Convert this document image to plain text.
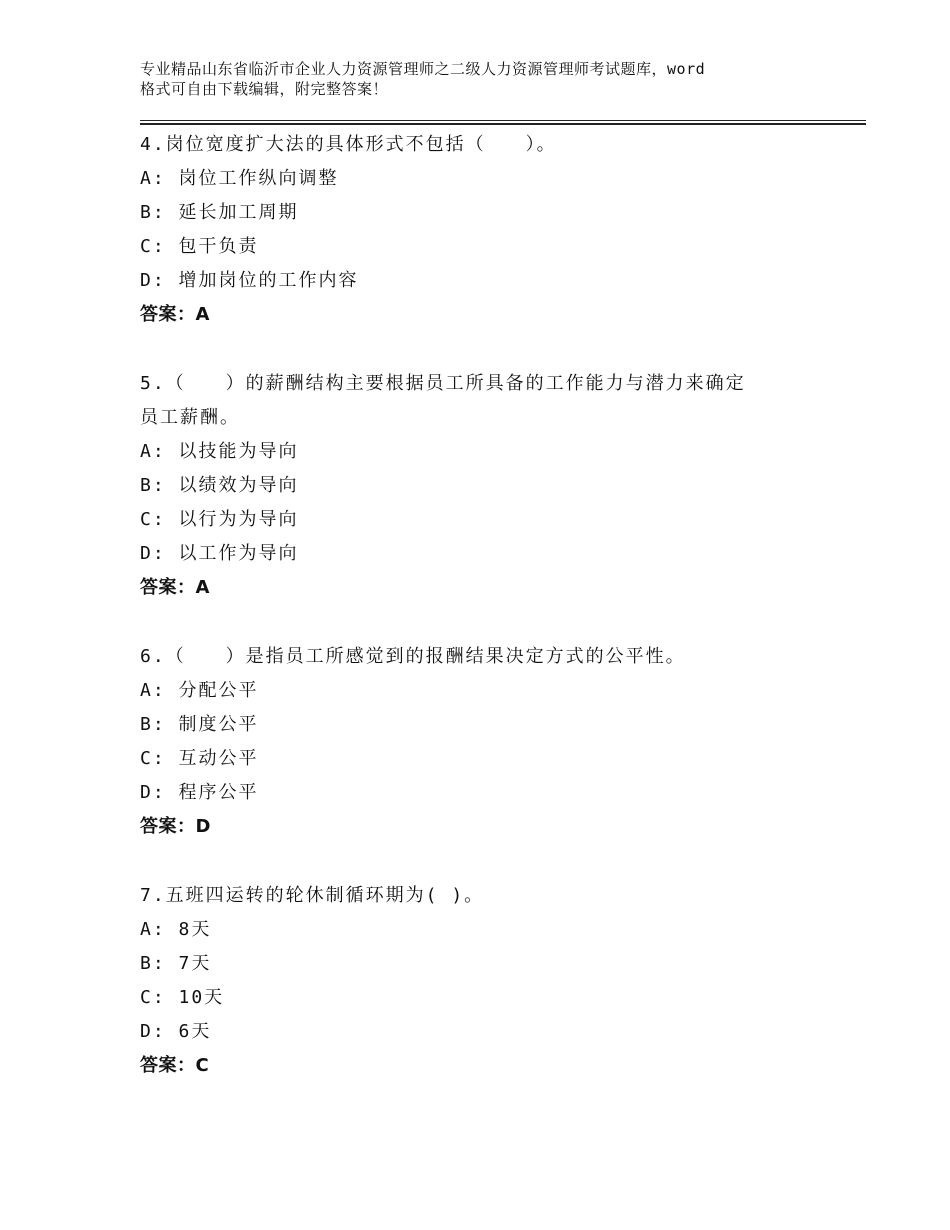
专业精品山东省临沂市企业人力资源管理师之二级人力资源管理师考试题库，word
格式可自由下载编辑，附完整答案！
4.岗位宽度扩大法的具体形式不包括（　　）。
A: 岗位工作纵向调整
B: 延长加工周期
C: 包干负责
D: 增加岗位的工作内容
答案：A
5.（　　）的薪酬结构主要根据员工所具备的工作能力与潜力来确定
员工薪酬。
A: 以技能为导向
B: 以绩效为导向
C: 以行为为导向
D: 以工作为导向
答案：A
6.（　　）是指员工所感觉到的报酬结果决定方式的公平性。
A: 分配公平
B: 制度公平
C: 互动公平
D: 程序公平
答案：D
7.五班四运转的轮休制循环期为( )。
A: 8天
B: 7天
C: 10天
D: 6天
答案：C
